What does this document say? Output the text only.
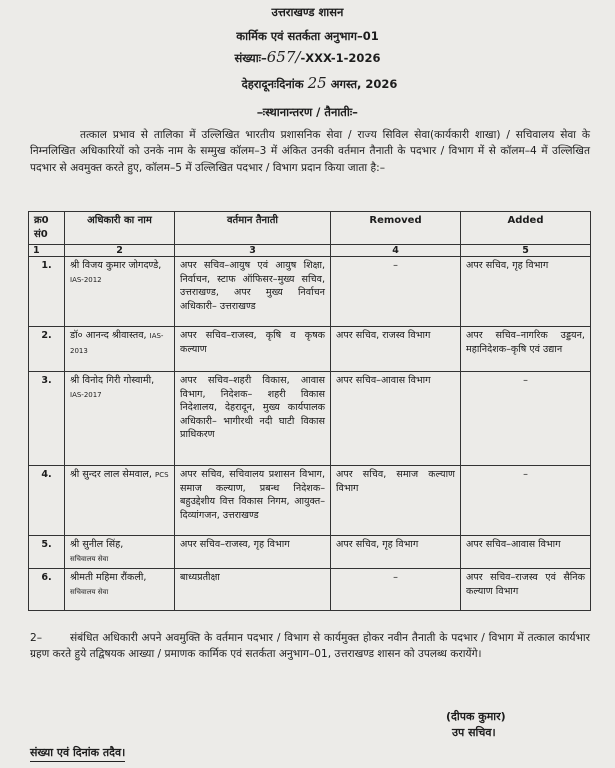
उत्तराखण्ड शासन
कार्मिक एवं सतर्कता अनुभाग–01
संख्याः–657/-XXX-1-2026
देहरादूनःदिनांक 25 अगस्त, 2026
–ःस्थानान्तरण / तैनातीः–
तत्काल प्रभाव से तालिका में उल्लिखित भारतीय प्रशासनिक सेवा / राज्य सिविल सेवा(कार्यकारी शाखा) / सचिवालय सेवा के निम्नलिखित अधिकारियों को उनके नाम के सम्मुख कॉलम–3 में अंकित उनकी वर्तमान तैनाती के पदभार / विभाग में से कॉलम–4 में उल्लिखित पदभार से अवमुक्त करते हुए, कॉलम–5 में उल्लिखित पदभार / विभाग प्रदान किया जाता है:–
क्र0 सं0	अधिकारी का नाम	वर्तमान तैनाती	Removed	Added
1	2	3	4	5
1.	श्री विजय कुमार जोगदण्डे, IAS-2012	अपर सचिव–आयुष एवं आयुष शिक्षा, निर्वाचन, स्टाफ ऑफिसर–मुख्य सचिव, उत्तराखण्ड, अपर मुख्य निर्वाचन अधिकारी– उत्तराखण्ड	–	अपर सचिव, गृह विभाग
2.	डॉ० आनन्द श्रीवास्तव, IAS-2013	अपर सचिव–राजस्व, कृषि व कृषक कल्याण	अपर सचिव, राजस्व विभाग	अपर सचिव–नागरिक उड्डयन, महानिदेशक–कृषि एवं उद्यान
3.	श्री विनोद गिरी गोस्वामी, IAS-2017	अपर सचिव–शहरी विकास, आवास विभाग, निदेशक– शहरी विकास निदेशालय, देहरादून, मुख्य कार्यपालक अधिकारी– भागीरथी नदी घाटी विकास प्राधिकरण	अपर सचिव–आवास विभाग	–
4.	श्री सुन्दर लाल सेमवाल, PCS	अपर सचिव, सचिवालय प्रशासन विभाग, समाज कल्याण, प्रबन्ध निदेशक–बहुउद्देशीय वित्त विकास निगम, आयुक्त– दिव्यांगजन, उत्तराखण्ड	अपर सचिव, समाज कल्याण विभाग	–
5.	श्री सुनील सिंह,
सचिवालय सेवा	अपर सचिव–राजस्व, गृह विभाग	अपर सचिव, गृह विभाग	अपर सचिव–आवास विभाग
6.	श्रीमती महिमा रौंकली,
सचिवालय सेवा	बाध्यप्रतीक्षा	–	अपर सचिव–राजस्व एवं सैनिक कल्याण विभाग
2–	संबंधित अधिकारी अपने अवमुक्ति के वर्तमान पदभार / विभाग से कार्यमुक्त होकर नवीन तैनाती के पदभार / विभाग में तत्काल कार्यभार ग्रहण करते हुये तद्विषयक आख्या / प्रमाणक कार्मिक एवं सतर्कता अनुभाग–01, उत्तराखण्ड शासन को उपलब्ध करायेंगे।
(दीपक कुमार)
उप सचिव।
संख्या एवं दिनांक तदैव।
